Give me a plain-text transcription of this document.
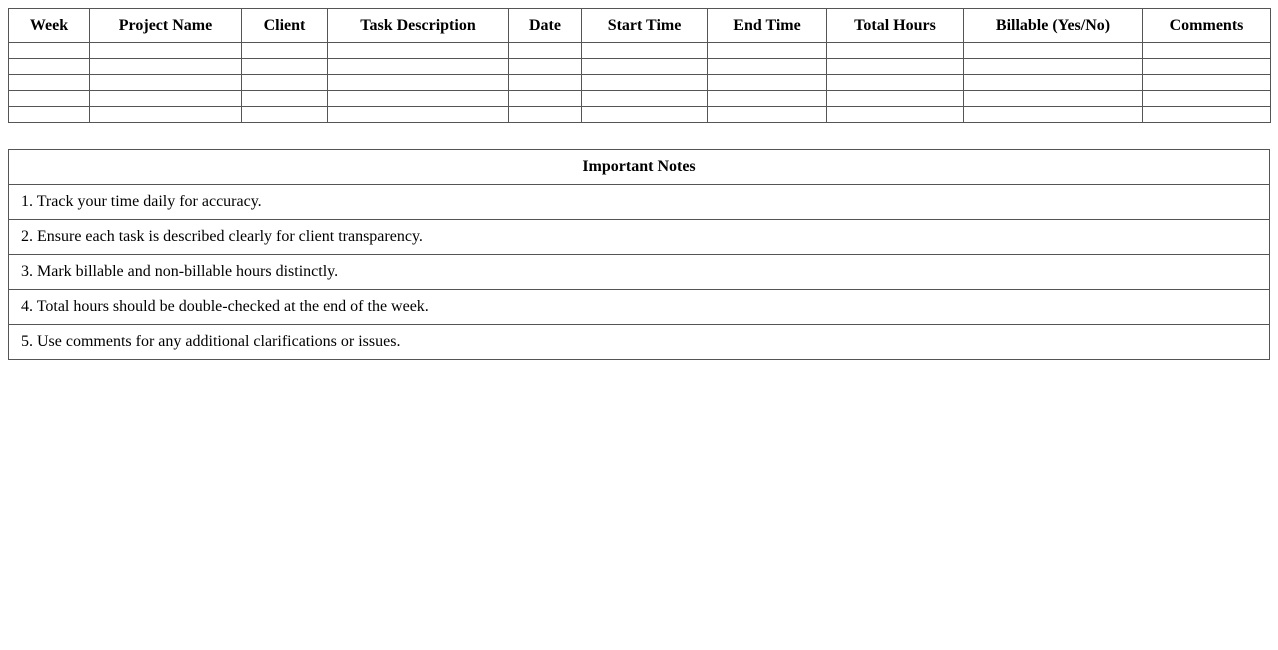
Week	Project Name	Client	Task Description	Date	Start Time	End Time	Total Hours	Billable (Yes/No)	Comments

Important Notes
1. Track your time daily for accuracy.
2. Ensure each task is described clearly for client transparency.
3. Mark billable and non-billable hours distinctly.
4. Total hours should be double-checked at the end of the week.
5. Use comments for any additional clarifications or issues.
